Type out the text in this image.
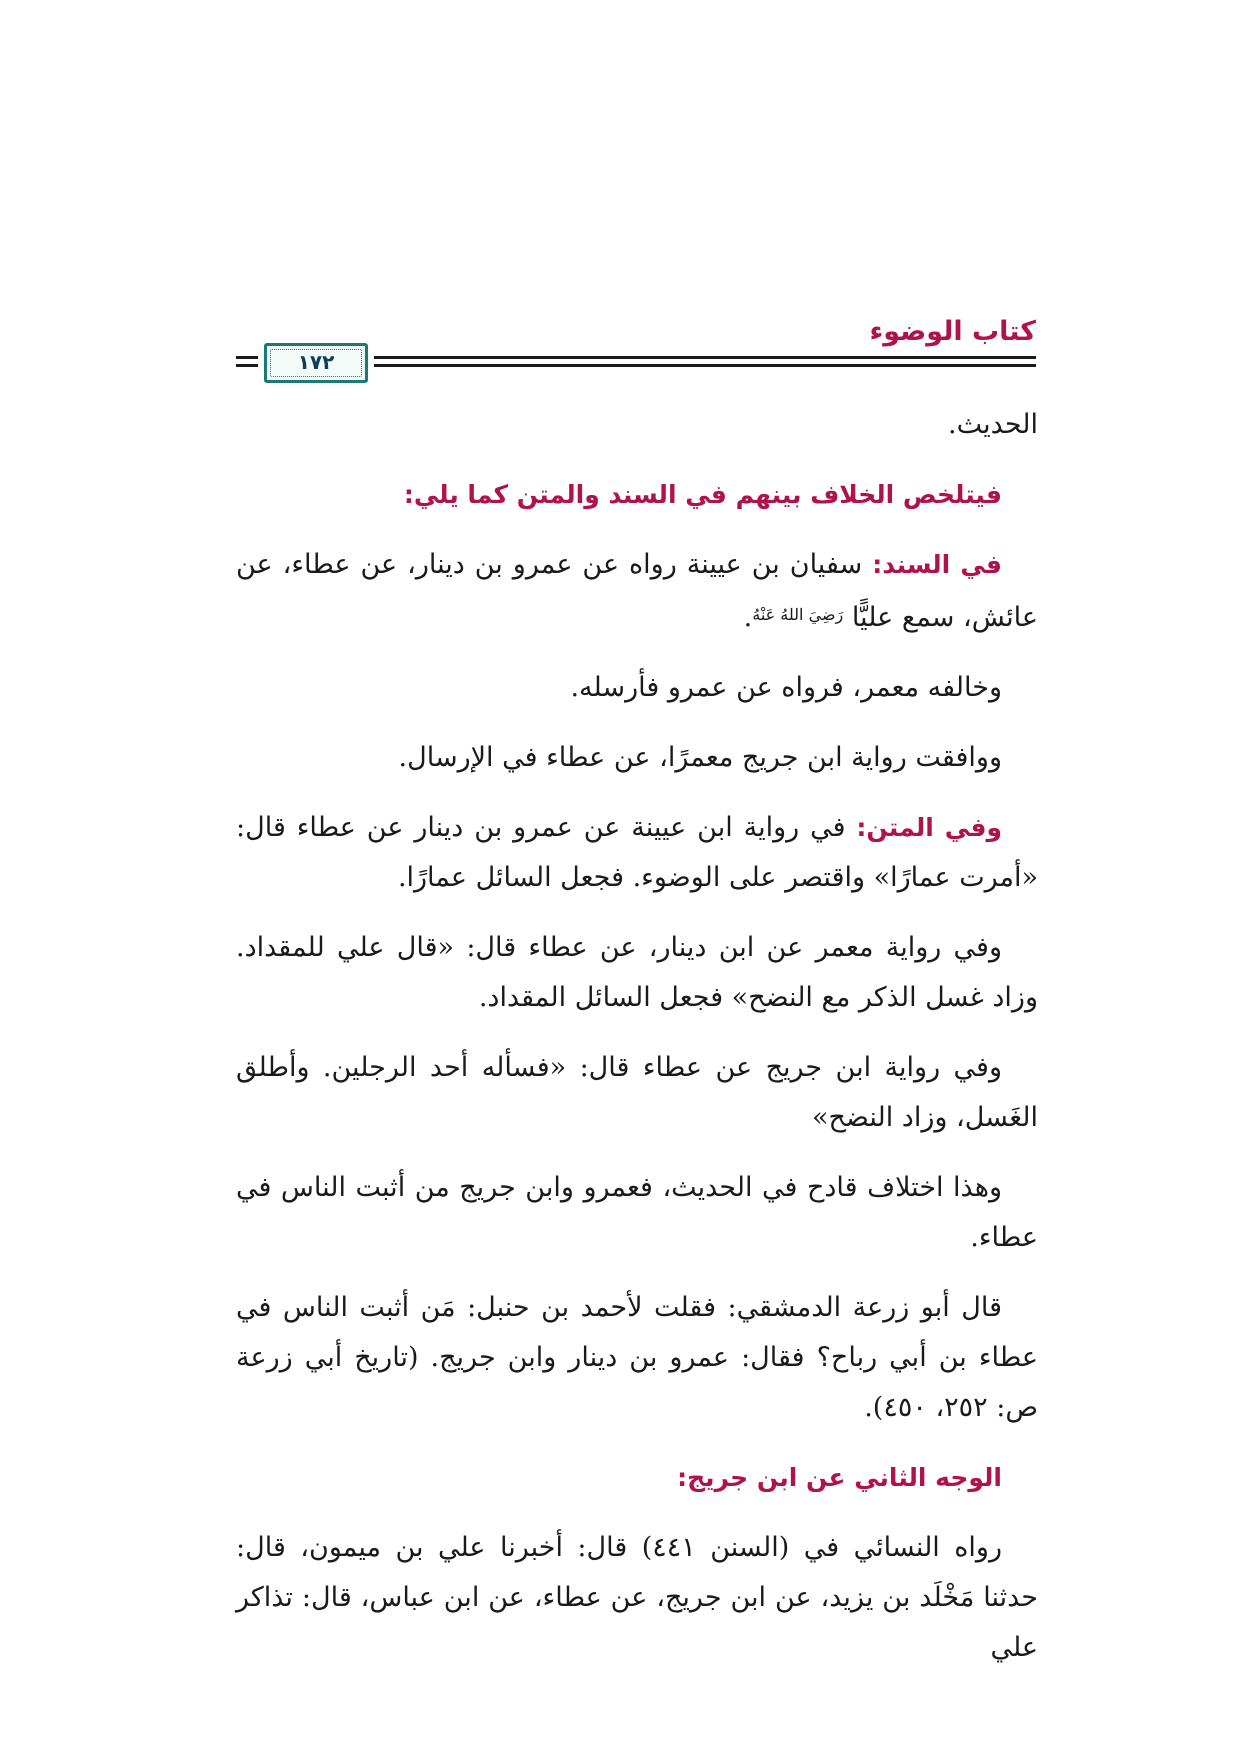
كتاب الوضوء
١٧٢

الحديث.

فيتلخص الخلاف بينهم في السند والمتن كما يلي:

في السند: سفيان بن عيينة رواه عن عمرو بن دينار، عن عطاء، عن عائش، سمع عليًّا $^{رَضِيَ اللهُ عَنْهُ}$.

وخالفه معمر، فرواه عن عمرو فأرسله.

ووافقت رواية ابن جريج معمرًا، عن عطاء في الإرسال.

وفي المتن: في رواية ابن عيينة عن عمرو بن دينار عن عطاء قال: «أمرت عمارًا» واقتصر على الوضوء. فجعل السائل عمارًا.

وفي رواية معمر عن ابن دينار، عن عطاء قال: «قال علي للمقداد. وزاد غسل الذكر مع النضح» فجعل السائل المقداد.

وفي رواية ابن جريج عن عطاء قال: «فسأله أحد الرجلين. وأطلق الغَسل، وزاد النضح»

وهذا اختلاف قادح في الحديث، فعمرو وابن جريج من أثبت الناس في عطاء.

قال أبو زرعة الدمشقي: فقلت لأحمد بن حنبل: مَن أثبت الناس في عطاء بن أبي رباح؟ فقال: عمرو بن دينار وابن جريج. (تاريخ أبي زرعة ص: ٢٥٢، ٤٥٠).

الوجه الثاني عن ابن جريج:

رواه النسائي في (السنن ٤٤١) قال: أخبرنا علي بن ميمون، قال: حدثنا مَخْلَد بن يزيد، عن ابن جريج، عن عطاء، عن ابن عباس، قال: تذاكر علي
